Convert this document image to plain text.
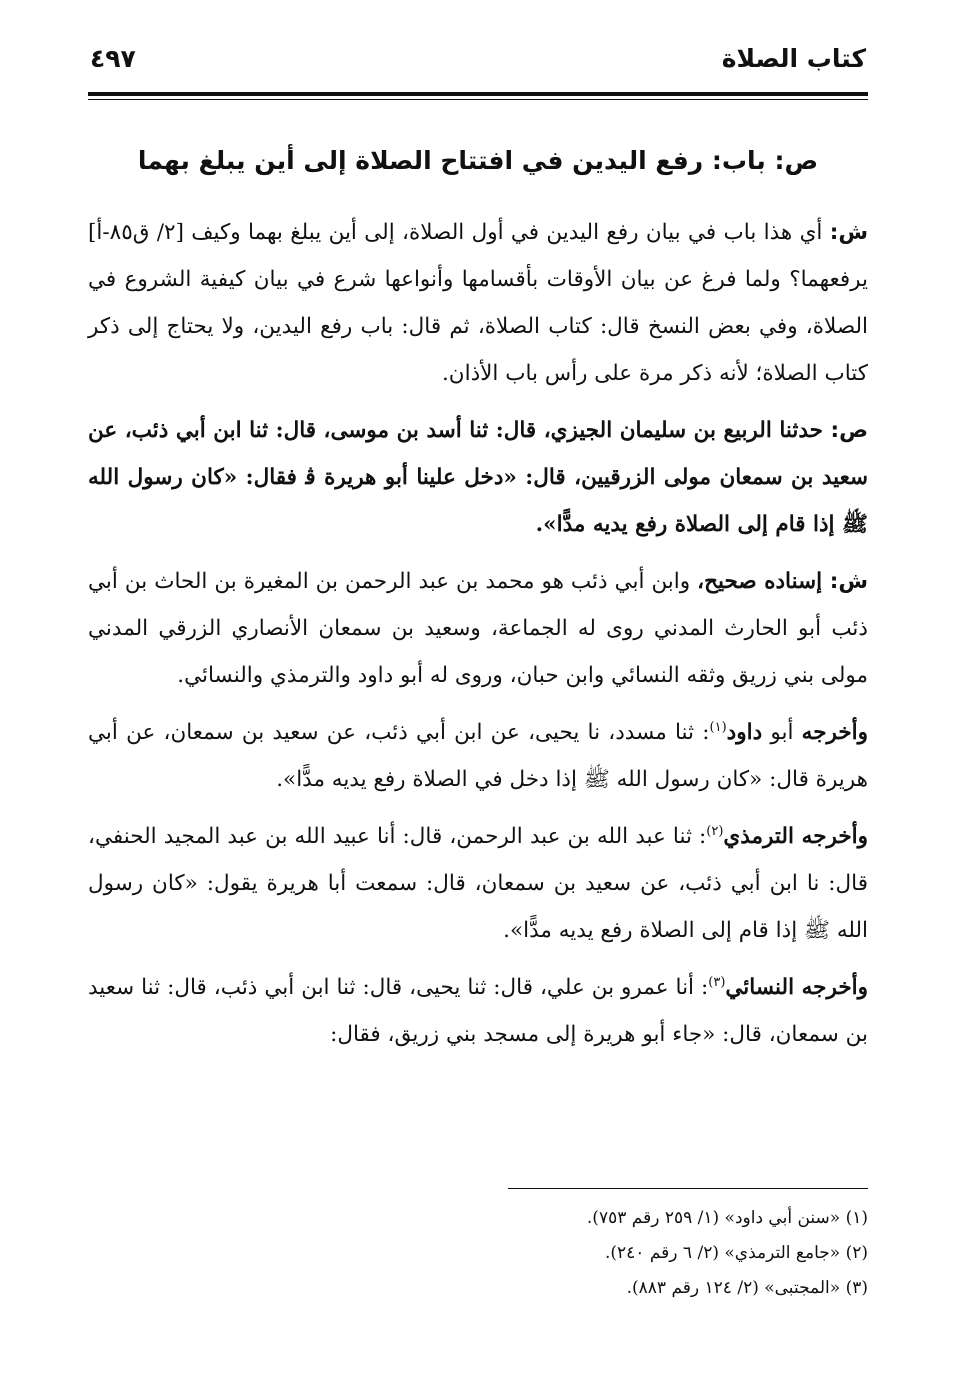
كتاب الصلاة
٤٩٧
ص: باب: رفع اليدين في افتتاح الصلاة إلى أين يبلغ بهما

ش: أي هذا باب في بيان رفع اليدين في أول الصلاة، إلى أين يبلغ بهما وكيف [٢/ ق٨٥-أ] يرفعهما؟ ولما فرغ عن بيان الأوقات بأقسامها وأنواعها شرع في بيان كيفية الشروع في الصلاة، وفي بعض النسخ قال: كتاب الصلاة، ثم قال: باب رفع اليدين، ولا يحتاج إلى ذكر كتاب الصلاة؛ لأنه ذكر مرة على رأس باب الأذان.

ص: حدثنا الربيع بن سليمان الجيزي، قال: ثنا أسد بن موسى، قال: ثنا ابن أبي ذئب، عن سعيد بن سمعان مولى الزرقيين، قال: «دخل علينا أبو هريرة ﭬ فقال: «كان رسول الله ﷺ إذا قام إلى الصلاة رفع يديه مدًّا».

ش: إسناده صحيح، وابن أبي ذئب هو محمد بن عبد الرحمن بن المغيرة بن الحاث بن أبي ذئب أبو الحارث المدني روى له الجماعة، وسعيد بن سمعان الأنصاري الزرقي المدني مولى بني زريق وثقه النسائي وابن حبان، وروى له أبو داود والترمذي والنسائي.

وأخرجه أبو داود$^{(١)}$: ثنا مسدد، نا يحيى، عن ابن أبي ذئب، عن سعيد بن سمعان، عن أبي هريرة قال: «كان رسول الله ﷺ إذا دخل في الصلاة رفع يديه مدًّا».

وأخرجه الترمذي$^{(٢)}$: ثنا عبد الله بن عبد الرحمن، قال: أنا عبيد الله بن عبد المجيد الحنفي، قال: نا ابن أبي ذئب، عن سعيد بن سمعان، قال: سمعت أبا هريرة يقول: «كان رسول الله ﷺ إذا قام إلى الصلاة رفع يديه مدًّا».

وأخرجه النسائي$^{(٣)}$: أنا عمرو بن علي، قال: ثنا يحيى، قال: ثنا ابن أبي ذئب، قال: ثنا سعيد بن سمعان، قال: «جاء أبو هريرة إلى مسجد بني زريق، فقال:

(١) «سنن أبي داود» (١/ ٢٥٩ رقم ٧٥٣).

(٢) «جامع الترمذي» (٢/ ٦ رقم ٢٤٠).

(٣) «المجتبى» (٢/ ١٢٤ رقم ٨٨٣).
